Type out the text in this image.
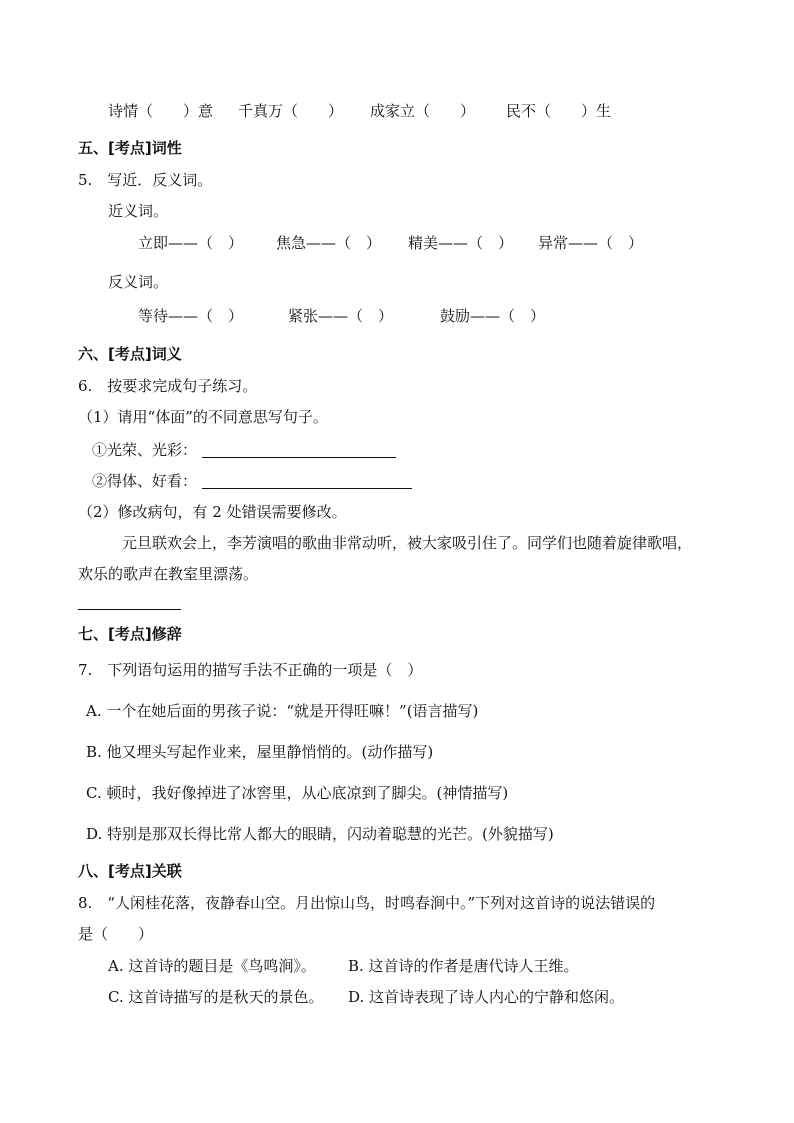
诗情（　　）意 千真万（　　） 成家立（　　） 民不（　　）生
五、[考点]词性
5.　写近．反义词。
近义词。
立即——（　） 焦急——（　） 精美——（　） 异常——（　）
反义词。
等待——（　）	紧张——（　）	鼓励——（　）
六、[考点]词义
6.　按要求完成句子练习。
（1）请用“体面”的不同意思写句子。
①光荣、光彩：
②得体、好看：
（2）修改病句，有 2 处错误需要修改。
元旦联欢会上，李芳演唱的歌曲非常动听，被大家吸引住了。同学们也随着旋律歌唱，
欢乐的歌声在教室里漂荡。
七、[考点]修辞
7.　下列语句运用的描写手法不正确的一项是（　）
A. 一个在她后面的男孩子说：“就是开得旺嘛！”(语言描写)
B. 他又埋头写起作业来，屋里静悄悄的。(动作描写)
C. 顿时，我好像掉进了冰窖里，从心底凉到了脚尖。(神情描写)
D. 特别是那双长得比常人都大的眼睛，闪动着聪慧的光芒。(外貌描写)
八、[考点]关联
8.　“人闲桂花落，夜静春山空。月出惊山鸟，时鸣春涧中。”下列对这首诗的说法错误的
是（　　）
A. 这首诗的题目是《鸟鸣涧》。 B. 这首诗的作者是唐代诗人王维。
C. 这首诗描写的是秋天的景色。 D. 这首诗表现了诗人内心的宁静和悠闲。
